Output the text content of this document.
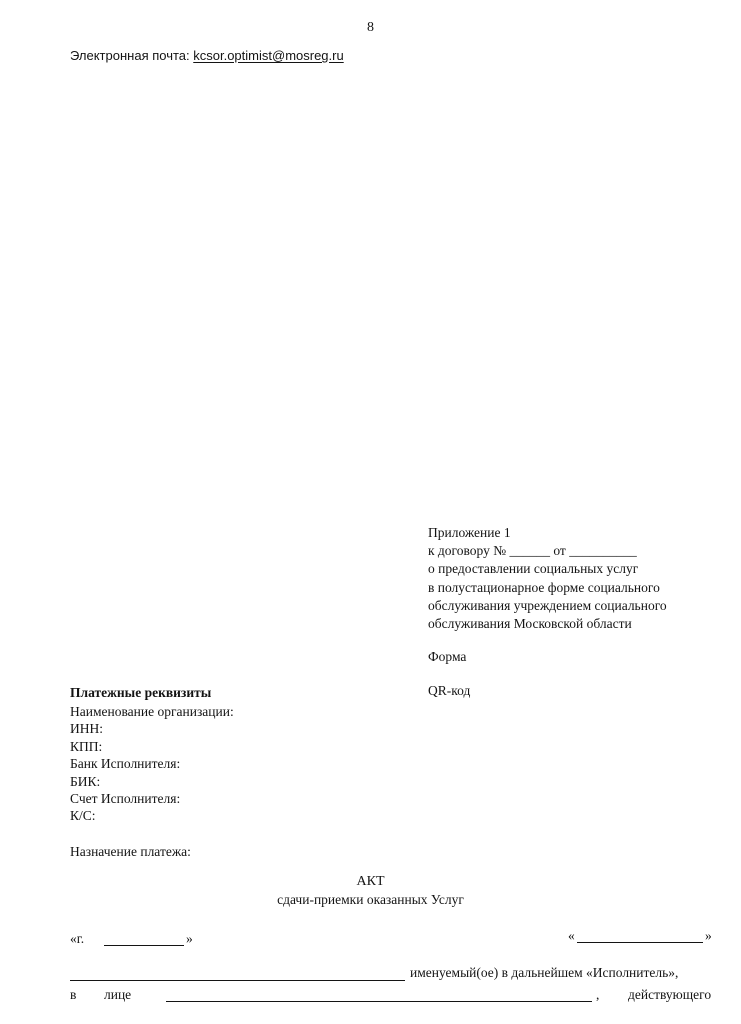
8
Электронная почта: kcsor.optimist@mosreg.ru
Приложение 1
к договору № ______ от __________
о предоставлении социальных услуг
в полустационарное форме социального
обслуживания учреждением социального
обслуживания Московской области
Форма
QR-код
Платежные реквизиты
Наименование организации:
ИНН:
КПП:
Банк Исполнителя:
БИК:
Счет Исполнителя:
К/С:
Назначение платежа:
АКТ
сдачи-приемки оказанных Услуг
«г.	»	«	»
именуемый(ое) в дальнейшем «Исполнитель»,
в лице	, действующего
